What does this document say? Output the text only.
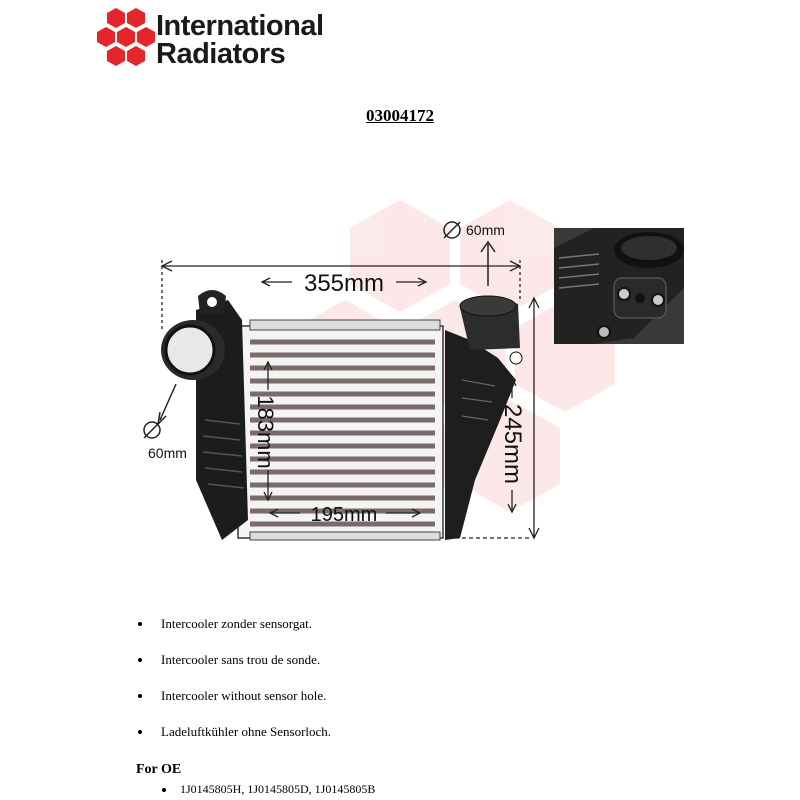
International
Radiators
03004172
355mm
60mm
60mm	183mm
195mm
245mm
Intercooler zonder sensorgat.
Intercooler sans trou de sonde.
Intercooler without sensor hole.
Ladeluftkühler ohne Sensorloch.
For OE
1J0145805H, 1J0145805D, 1J0145805B
